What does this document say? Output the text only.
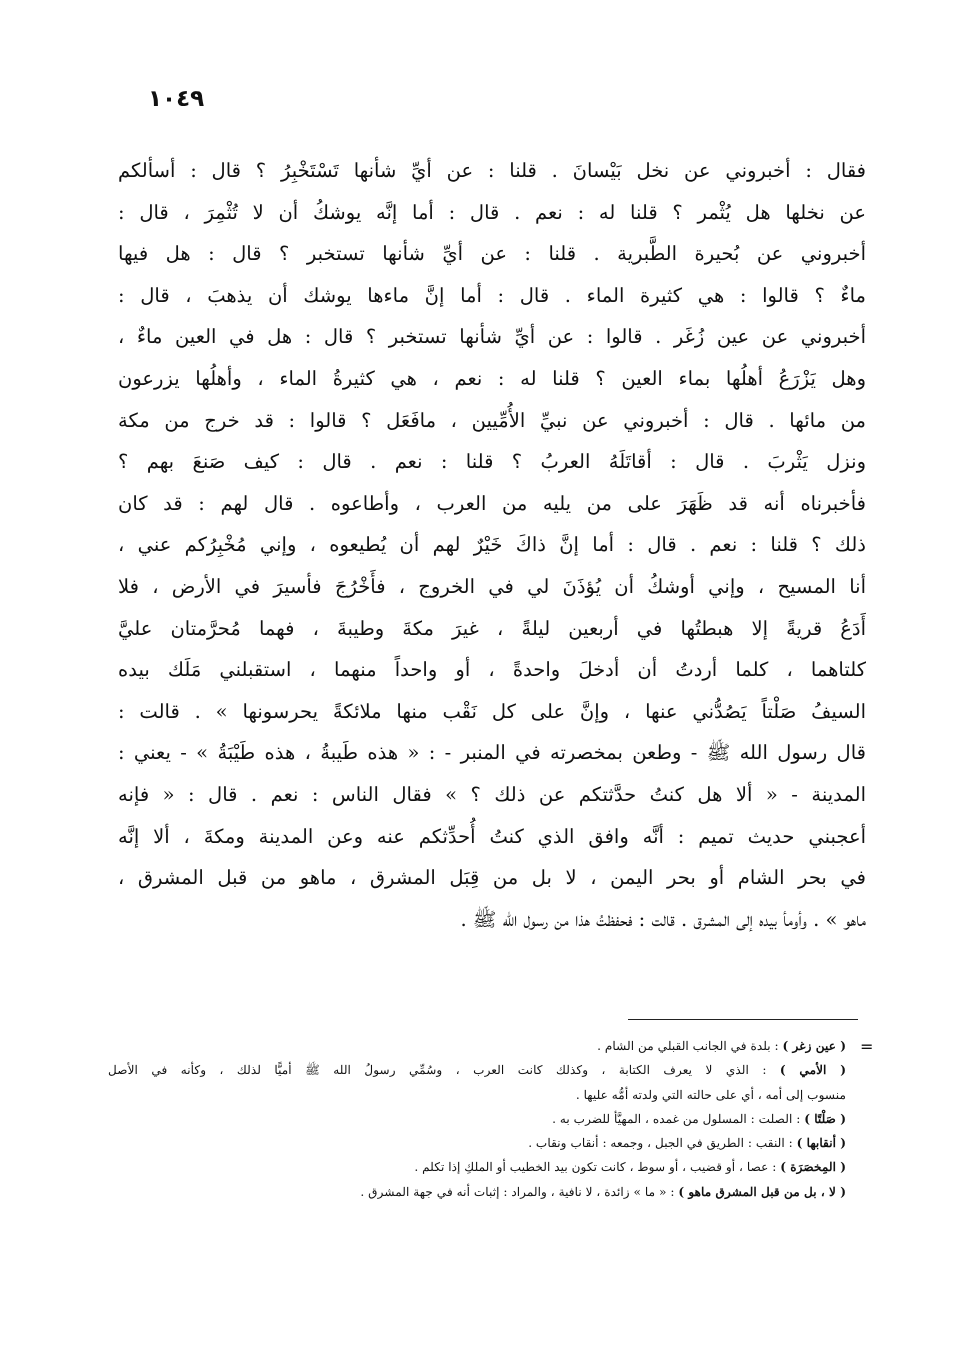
١٠٤٩
فقال : أخبروني عن نخل بَيْسانَ . قلنا : عن أيِّ شأنها تَسْتَخْبِرُ ؟ قال : أسألكم
عن نخلها هل يُثْمر ؟ قلنا له : نعم . قال : أما إنَّه يوشكُ أن لا تُثْمِرَ ، قال :
أخبروني عن بُحيرة الطَّبرية . قلنا : عن أيِّ شأنها تستخبر ؟ قال : هل فيها
ماءٌ ؟ قالوا : هي كثيرة الماء . قال : أما إنَّ ماءها يوشك أن يذهبَ ، قال :
أخبروني عن عين زُغَر . قالوا : عن أيِّ شأنها تستخبر ؟ قال : هل في العين ماءٌ ،
وهل يَزْرَعُ أهلُها بماء العين ؟ قلنا له : نعم ، هي كثيرةُ الماء ، وأهلُها يزرعون
من مائها . قال : أخبروني عن نبيِّ الأُمِّيين ، مافَعَل ؟ قالوا : قد خرج من مكة
ونزل يَثْربَ . قال : أقاتَلَهُ العربُ ؟ قلنا : نعم . قال : كيف صَنعَ بهم ؟
فأخبرناه أنه قد ظَهَرَ على من يليه من العرب ، وأطاعوه . قال لهم : قد كان
ذلك ؟ قلنا : نعم . قال : أما إنَّ ذاكَ خَيْرٌ لهم أن يُطيعوه ، وإني مُخْبِرُكم عني ،
أنا المسيح ، وإني أوشكُ أن يُؤذَنَ لي في الخروج ، فأَخْرُجَ فأسيرَ في الأرض ، فلا
أَدَعُ قريةً إلا هبطتُها في أربعين ليلةً ، غيرَ مكةَ وطيبةَ ، فهما مُحرَّمتان عليَّ
كلتاهما ، كلما أردتُ أن أدخلَ واحدةً ، أو واحداً منهما ، استقبلني مَلَك بيده
السيفُ صَلْتاً يَصُدُّني عنها ، وإنَّ على كل نَقْب منها ملائكةً يحرسونها » . قالت :
قال رسول الله ﷺ - وطعن بمخصرته في المنبر - : « هذه طَيبةُ ، هذه طَيْبَةُ » - يعني :
المدينة - « ألا هل كنتُ حدَّثتكم عن ذلك ؟ » فقال الناس : نعم . قال : « فإنه
أعجبني حديث تميم : أنَّه وافق الذي كنتُ أُحدِّثكم عنه وعن المدينة ومكةَ ، ألا إنَّه
في بحر الشام أو بحر اليمن ، لا بل من قِبَل المشرق ، ماهو من قبل المشرق ،
ماهو » . وأومأ بيده إلى المشرق . قالت : فحفظتُ هذا من رسول الله ﷺ .
=
( عين زغر ) : بلدة في الجانب القبلي من الشام .
( الأمي ) : الذي لا يعرف الكتابة ، وكذلك كانت العرب ، وسُمِّي رسولُ الله ﷺ أميًّا لذلك ، وكأنه في الأصل
منسوب إلى أمه ، أي على حالته التي ولدته أمُّه عليها .
( صَلْتًا ) : الصلت : المسلول من غمده ، المهيَّأ للضرب به .
( أنقابها ) : النقب : الطريق في الجبل ، وجمعه : أنقاب ونقاب .
( المِخصَرَة ) : عصا ، أو قضيب ، أو سوط ، كانت تكون بيد الخطيب أو الملكِ إذا تكلم .
( لا ، بل من قبل المشرق ماهو ) : « ما » زائدة ، لا نافية ، والمراد : إثبات أنه في جهة المشرق .
